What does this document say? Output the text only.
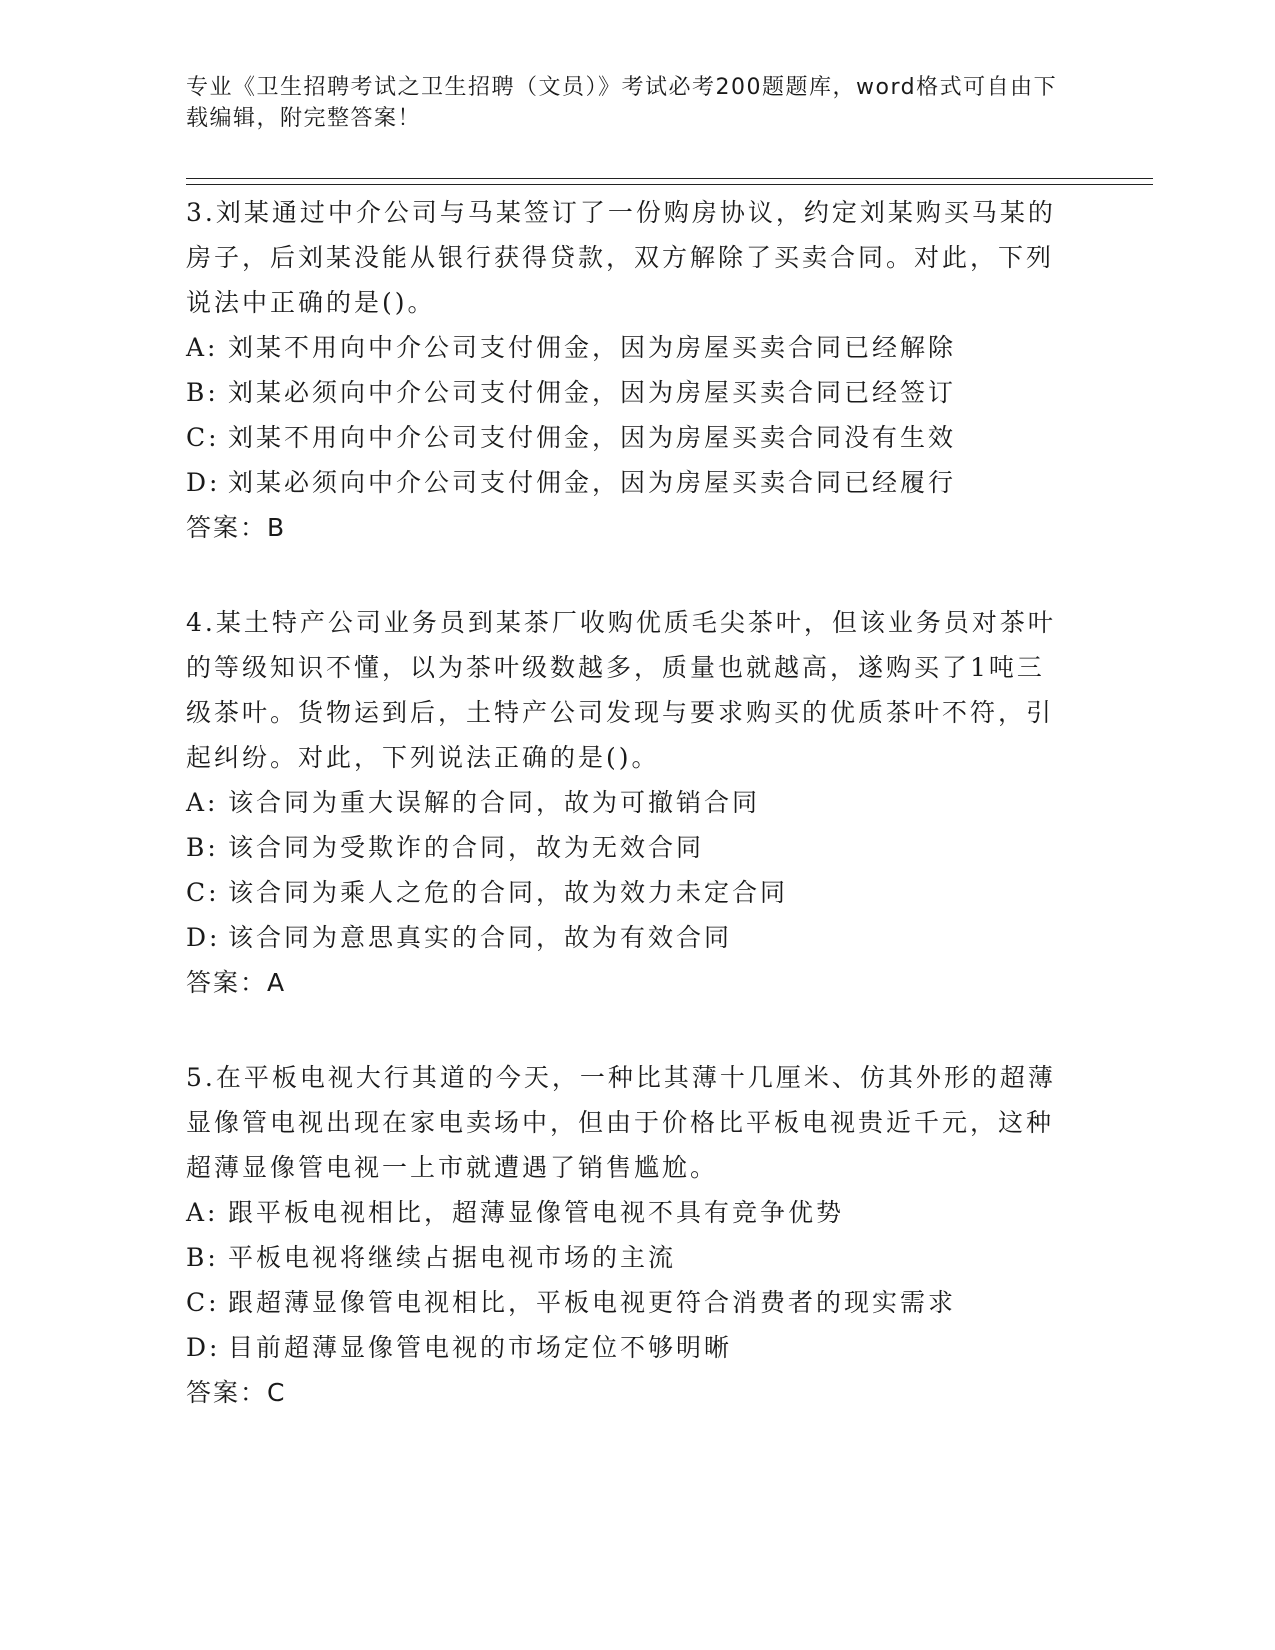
专业《卫生招聘考试之卫生招聘（文员）》考试必考200题题库，word格式可自由下载编辑，附完整答案！

3.刘某通过中介公司与马某签订了一份购房协议，约定刘某购买马某的房子，后刘某没能从银行获得贷款，双方解除了买卖合同。对此，下列说法中正确的是()。

A: 刘某不用向中介公司支付佣金，因为房屋买卖合同已经解除

B: 刘某必须向中介公司支付佣金，因为房屋买卖合同已经签订

C: 刘某不用向中介公司支付佣金，因为房屋买卖合同没有生效

D: 刘某必须向中介公司支付佣金，因为房屋买卖合同已经履行

答案：B

4.某土特产公司业务员到某茶厂收购优质毛尖茶叶，但该业务员对茶叶的等级知识不懂，以为茶叶级数越多，质量也就越高，遂购买了1吨三级茶叶。货物运到后，土特产公司发现与要求购买的优质茶叶不符，引起纠纷。对此，下列说法正确的是()。

A: 该合同为重大误解的合同，故为可撤销合同

B: 该合同为受欺诈的合同，故为无效合同

C: 该合同为乘人之危的合同，故为效力未定合同

D: 该合同为意思真实的合同，故为有效合同

答案：A

5.在平板电视大行其道的今天，一种比其薄十几厘米、仿其外形的超薄显像管电视出现在家电卖场中，但由于价格比平板电视贵近千元，这种超薄显像管电视一上市就遭遇了销售尴尬。

A: 跟平板电视相比，超薄显像管电视不具有竞争优势

B: 平板电视将继续占据电视市场的主流

C: 跟超薄显像管电视相比，平板电视更符合消费者的现实需求

D: 目前超薄显像管电视的市场定位不够明晰

答案：C
